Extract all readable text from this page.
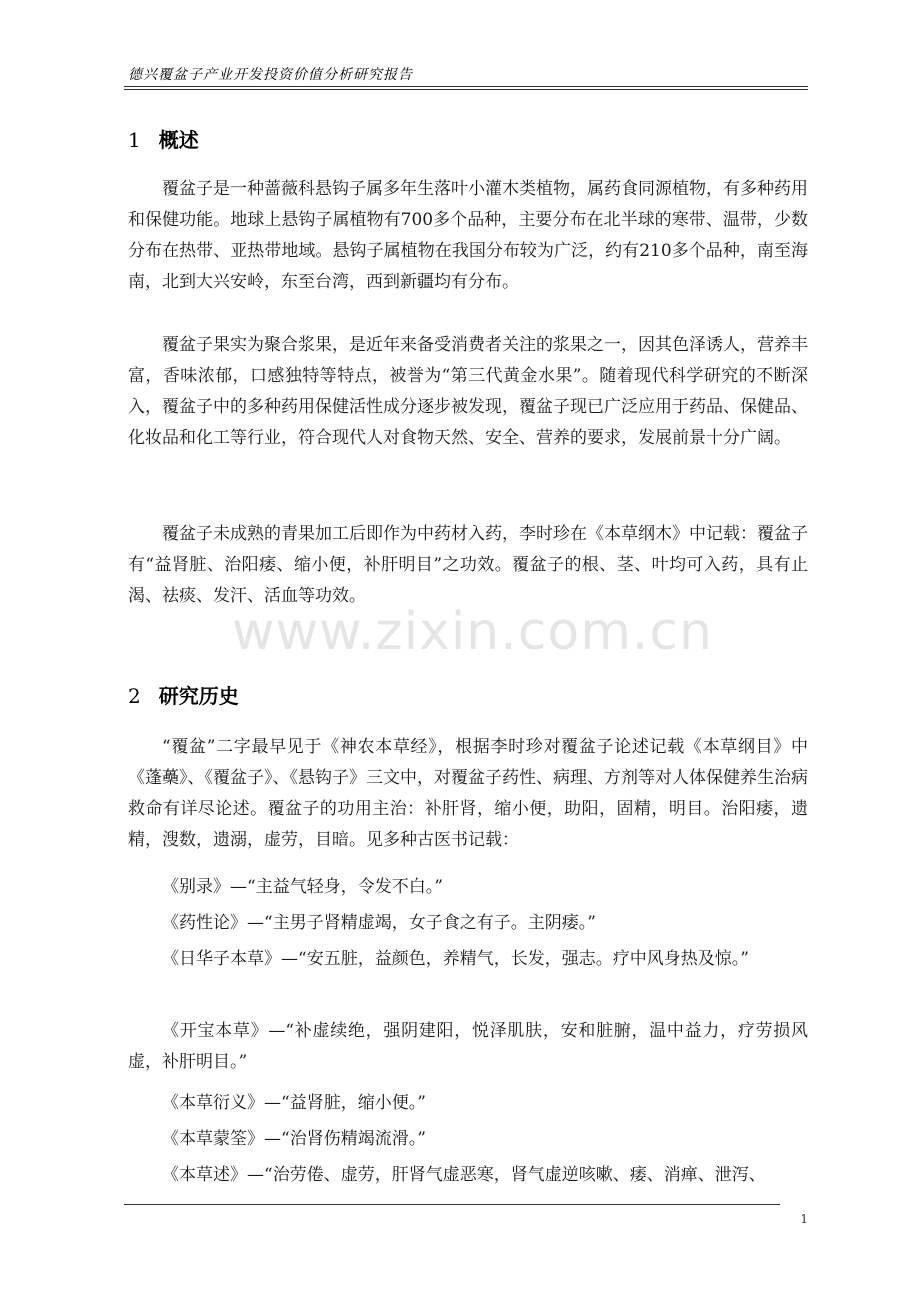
德兴覆盆子产业开发投资价值分析研究报告
1 概述

覆盆子是一种蔷薇科悬钩子属多年生落叶小灌木类植物，属药食同源植物，有多种药用和保健功能。地球上悬钩子属植物有700多个品种，主要分布在北半球的寒带、温带，少数分布在热带、亚热带地域。悬钩子属植物在我国分布较为广泛，约有210多个品种，南至海南，北到大兴安岭，东至台湾，西到新疆均有分布。

覆盆子果实为聚合浆果，是近年来备受消费者关注的浆果之一，因其色泽诱人，营养丰富，香味浓郁，口感独特等特点，被誉为“第三代黄金水果”。随着现代科学研究的不断深入，覆盆子中的多种药用保健活性成分逐步被发现，覆盆子现已广泛应用于药品、保健品、化妆品和化工等行业，符合现代人对食物天然、安全、营养的要求，发展前景十分广阔。

覆盆子未成熟的青果加工后即作为中药材入药，李时珍在《本草纲木》中记载：覆盆子有“益肾脏、治阳痿、缩小便，补肝明目”之功效。覆盆子的根、茎、叶均可入药，具有止渴、祛痰、发汗、活血等功效。

www.zixin.com.cn
2 研究历史

“覆盆”二字最早见于《神农本草经》，根据李时珍对覆盆子论述记载《本草纲目》中《蓬蘽》、《覆盆子》、《悬钩子》三文中，对覆盆子药性、病理、方剂等对人体保健养生治病救命有详尽论述。覆盆子的功用主治：补肝肾，缩小便，助阳，固精，明目。治阳痿，遗精，溲数，遗溺，虚劳，目暗。见多种古医书记载：

《别录》—“主益气轻身，令发不白。”

《药性论》—“主男子肾精虚竭，女子食之有子。主阴痿。”

《日华子本草》—“安五脏，益颜色，养精气，长发，强志。疗中风身热及惊。”

《开宝本草》—“补虚续绝，强阴建阳，悦泽肌肤，安和脏腑，温中益力，疗劳损风虚，补肝明目。”

《本草衍义》—“益肾脏，缩小便。”

《本草蒙筌》—“治肾伤精竭流滑。”

《本草述》—“治劳倦、虚劳，肝肾气虚恶寒，肾气虚逆咳嗽、痿、消瘅、泄泻、

1
